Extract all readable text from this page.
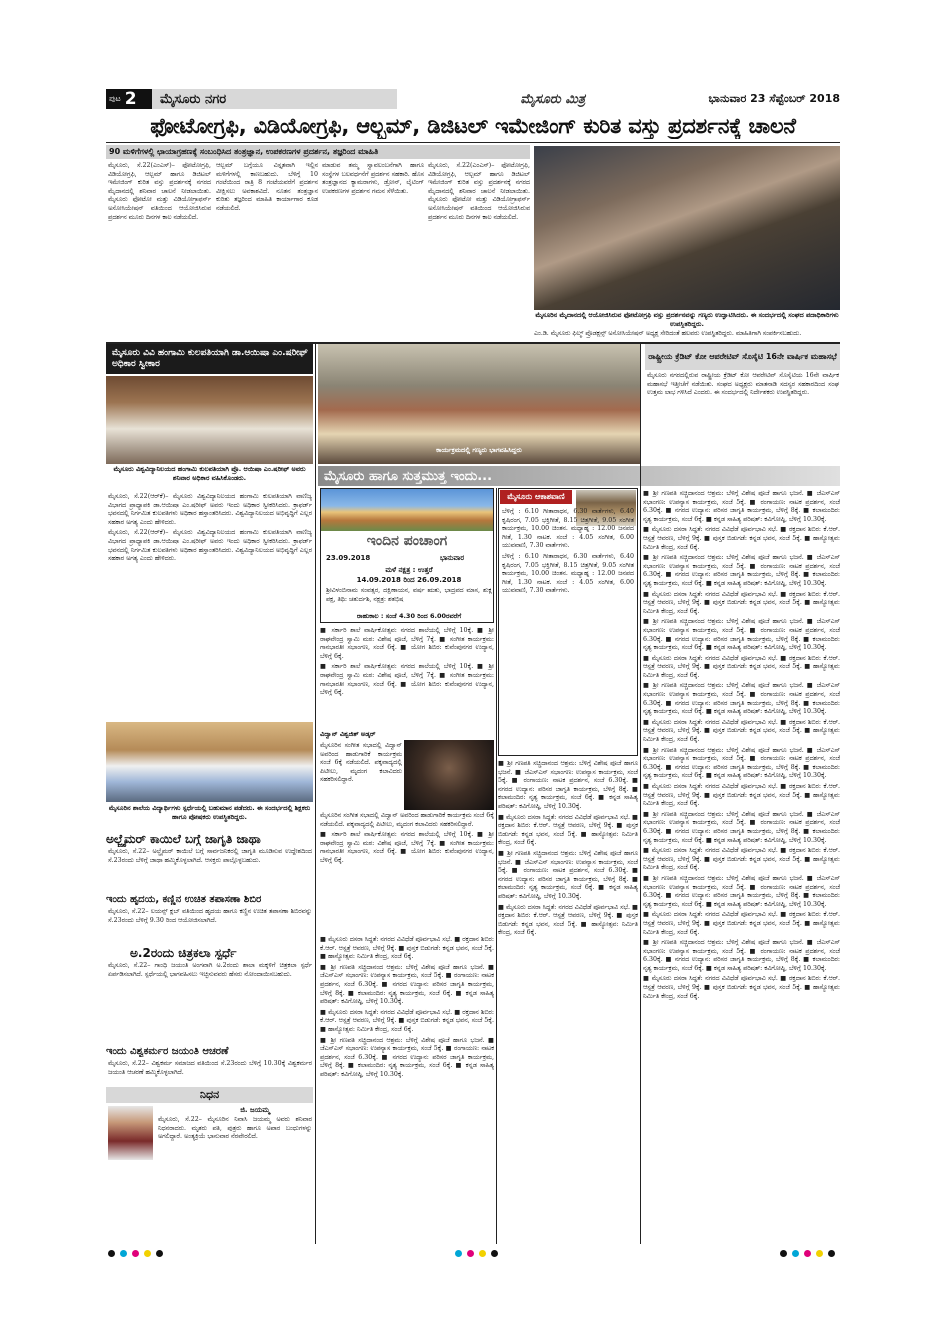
ಪುಟ 2	ಮೈಸೂರು ನಗರ	ಮೈಸೂರು ಮಿತ್ರ	ಭಾನುವಾರ 23 ಸೆಪ್ಟೆಂಬರ್ 2018
ಫೋಟೋಗ್ರಫಿ, ವಿಡಿಯೋಗ್ರಫಿ, ಆಲ್ಬಮ್, ಡಿಜಿಟಲ್ ಇಮೇಜಿಂಗ್ ಕುರಿತ ವಸ್ತು ಪ್ರದರ್ಶನಕ್ಕೆ ಚಾಲನೆ
90 ಮಳಿಗೆಗಳಲ್ಲಿ ಛಾಯಾಗ್ರಹಣಕ್ಕೆ ಸಂಬಂಧಿಸಿದ ತಂತ್ರಜ್ಞಾನ, ಉಪಕರಣಗಳ ಪ್ರದರ್ಶನ, ತಜ್ಞರಿಂದ ಮಾಹಿತಿ

ಮೈಸೂರು, ಸೆ.22(ಎಂಎಸ್)– ಫೋಟೋಗ್ರಫಿ, ವಿಡಿಯೋಗ್ರಫಿ, ಆಲ್ಬಮ್ ಹಾಗೂ ಡಿಜಿಟಲ್ ಇಮೇಜಿಂಗ್ ಕುರಿತ ವಸ್ತು ಪ್ರದರ್ಶನಕ್ಕೆ ನಗರದ ಮೈದಾನದಲ್ಲಿ ಶನಿವಾರ ಚಾಲನೆ ನೀಡಲಾಯಿತು. ಮೈಸೂರು ಫೋಟೋ ಮತ್ತು ವಿಡಿಯೋಗ್ರಾಫರ್ಸ್ ಅಸೋಸಿಯೇಷನ್ ವತಿಯಿಂದ ಆಯೋಜಿಸಿರುವ ಪ್ರದರ್ಶನ ಮೂರು ದಿನಗಳ ಕಾಲ ನಡೆಯಲಿದೆ.

ಆಲ್ಬಮ್ ಬಗ್ಗೆಯೂ ವಿಸ್ತೃತವಾಗಿ ಇಲ್ಲಿನ ಮಳಿಗೆಗಳಲ್ಲಿ ಕಾಣಬಹುದು. ಬೆಳಿಗ್ಗೆ 10 ಗಂಟೆಯಿಂದ ರಾತ್ರಿ 8 ಗಂಟೆಯವರೆಗೆ ಪ್ರದರ್ಶನ ವೀಕ್ಷಿಸಲು ಅವಕಾಶವಿದೆ. ನೂತನ ತಂತ್ರಜ್ಞಾನ ಕುರಿತು ತಜ್ಞರಿಂದ ಮಾಹಿತಿ ಕಾರ್ಯಾಗಾರ ಕೂಡ ನಡೆಯಲಿದೆ.

ಮಾಡುವ ತಮ್ಮ ಸ್ವಾವಲಂಬನೆಗಾಗಿ ಹಾಗೂ ಸಂಸ್ಥೆಗಳ ಬಲವರ್ಧನೆಗೆ ಪ್ರದರ್ಶನ ಸಹಕಾರಿ. ಹೊಸ ತಂತ್ರಜ್ಞಾನದ ಕ್ಯಾಮರಾಗಳು, ಡ್ರೋನ್, ಲೈಟಿಂಗ್ ಉಪಕರಣಗಳ ಪ್ರದರ್ಶನ ಗಮನ ಸೆಳೆಯಿತು.

ಮೈಸೂರು, ಸೆ.22(ಎಂಎಸ್)– ಫೋಟೋಗ್ರಫಿ, ವಿಡಿಯೋಗ್ರಫಿ, ಆಲ್ಬಮ್ ಹಾಗೂ ಡಿಜಿಟಲ್ ಇಮೇಜಿಂಗ್ ಕುರಿತ ವಸ್ತು ಪ್ರದರ್ಶನಕ್ಕೆ ನಗರದ ಮೈದಾನದಲ್ಲಿ ಶನಿವಾರ ಚಾಲನೆ ನೀಡಲಾಯಿತು. ಮೈಸೂರು ಫೋಟೋ ಮತ್ತು ವಿಡಿಯೋಗ್ರಾಫರ್ಸ್ ಅಸೋಸಿಯೇಷನ್ ವತಿಯಿಂದ ಆಯೋಜಿಸಿರುವ ಪ್ರದರ್ಶನ ಮೂರು ದಿನಗಳ ಕಾಲ ನಡೆಯಲಿದೆ.

ಮೈಸೂರಿನ ಮೈದಾನದಲ್ಲಿ ಆಯೋಜಿಸಿರುವ ಫೋಟೋಗ್ರಫಿ ವಸ್ತು ಪ್ರದರ್ಶನವನ್ನು ಗಣ್ಯರು ಉದ್ಘಾಟಿಸಿದರು. ಈ ಸಂದರ್ಭದಲ್ಲಿ ಸಂಘದ ಪದಾಧಿಕಾರಿಗಳು ಉಪಸ್ಥಿತರಿದ್ದರು.

ಎಂ.ಡಿ. ಮೈಸೂರು ಫಿಲ್ಮ್ ಪ್ರೊಡಕ್ಷನ್ಸ್ ಅಸೋಸಿಯೇಷನ್ ಅಧ್ಯಕ್ಷ ಸೇರಿದಂತೆ ಹಲವರು ಉಪಸ್ಥಿತರಿದ್ದರು. ಮಾಹಿತಿಗಾಗಿ ಸಂಪರ್ಕಿಸಬಹುದು.

ಮೈಸೂರು ವಿವಿ ಹಂಗಾಮಿ ಕುಲಪತಿಯಾಗಿ ಡಾ.ಆಯಿಷಾ ಎಂ.ಷರೀಫ್ ಅಧಿಕಾರ ಸ್ವೀಕಾರ
ಮೈಸೂರು ವಿಶ್ವವಿದ್ಯಾನಿಲಯದ ಹಂಗಾಮಿ ಕುಲಪತಿಯಾಗಿ ಪ್ರೊ. ಆಯಿಷಾ ಎಂ.ಷರೀಫ್ ಅವರು ಶನಿವಾರ ಅಧಿಕಾರ ವಹಿಸಿಕೊಂಡರು.

ಮೈಸೂರು, ಸೆ.22(ಆರ್‌ಕೆ)– ಮೈಸೂರು ವಿಶ್ವವಿದ್ಯಾನಿಲಯದ ಹಂಗಾಮಿ ಕುಲಪತಿಯಾಗಿ ವಾಣಿಜ್ಯ ವಿಭಾಗದ ಪ್ರಾಧ್ಯಾಪಕಿ ಡಾ.ಆಯಿಷಾ ಎಂ.ಷರೀಫ್ ಅವರು ಇಂದು ಅಧಿಕಾರ ಸ್ವೀಕರಿಸಿದರು. ಕ್ರಾಫರ್ಡ್ ಭವನದಲ್ಲಿ ನಿರ್ಗಮಿತ ಕುಲಪತಿಗಳು ಅಧಿಕಾರ ಹಸ್ತಾಂತರಿಸಿದರು. ವಿಶ್ವವಿದ್ಯಾನಿಲಯದ ಅಭಿವೃದ್ಧಿಗೆ ಎಲ್ಲರ ಸಹಕಾರ ಅಗತ್ಯ ಎಂದು ಹೇಳಿದರು.

ಮೈಸೂರು, ಸೆ.22(ಆರ್‌ಕೆ)– ಮೈಸೂರು ವಿಶ್ವವಿದ್ಯಾನಿಲಯದ ಹಂಗಾಮಿ ಕುಲಪತಿಯಾಗಿ ವಾಣಿಜ್ಯ ವಿಭಾಗದ ಪ್ರಾಧ್ಯಾಪಕಿ ಡಾ.ಆಯಿಷಾ ಎಂ.ಷರೀಫ್ ಅವರು ಇಂದು ಅಧಿಕಾರ ಸ್ವೀಕರಿಸಿದರು. ಕ್ರಾಫರ್ಡ್ ಭವನದಲ್ಲಿ ನಿರ್ಗಮಿತ ಕುಲಪತಿಗಳು ಅಧಿಕಾರ ಹಸ್ತಾಂತರಿಸಿದರು. ವಿಶ್ವವಿದ್ಯಾನಿಲಯದ ಅಭಿವೃದ್ಧಿಗೆ ಎಲ್ಲರ ಸಹಕಾರ ಅಗತ್ಯ ಎಂದು ಹೇಳಿದರು.

ಮೈಸೂರಿನ ಶಾಲೆಯ ವಿದ್ಯಾರ್ಥಿಗಳು ಸ್ಪರ್ಧೆಯಲ್ಲಿ ಬಹುಮಾನ ಪಡೆದರು. ಈ ಸಂದರ್ಭದಲ್ಲಿ ಶಿಕ್ಷಕರು ಹಾಗೂ ಪೋಷಕರು ಉಪಸ್ಥಿತರಿದ್ದರು.
ಅಲ್ಜೈಮರ್ ಕಾಯಿಲೆ ಬಗ್ಗೆ ಜಾಗೃತಿ ಜಾಥಾ

ಮೈಸೂರು, ಸೆ.22– ಅಲ್ಜೈಮರ್ ಕಾಯಿಲೆ ಬಗ್ಗೆ ಸಾರ್ವಜನಿಕರಲ್ಲಿ ಜಾಗೃತಿ ಮೂಡಿಸುವ ಉದ್ದೇಶದಿಂದ ಸೆ.23ರಂದು ಬೆಳಿಗ್ಗೆ ಜಾಥಾ ಹಮ್ಮಿಕೊಳ್ಳಲಾಗಿದೆ. ಆಸಕ್ತರು ಪಾಲ್ಗೊಳ್ಳಬಹುದು.

ಇಂದು ಹೃದಯ, ಕಣ್ಣಿನ ಉಚಿತ ತಪಾಸಣಾ ಶಿಬಿರ

ಮೈಸೂರು, ಸೆ.22– ಲಯನ್ಸ್ ಕ್ಲಬ್ ವತಿಯಿಂದ ಹೃದಯ ಹಾಗೂ ಕಣ್ಣಿನ ಉಚಿತ ತಪಾಸಣಾ ಶಿಬಿರವನ್ನು ಸೆ.23ರಂದು ಬೆಳಿಗ್ಗೆ 9.30 ರಿಂದ ಆಯೋಜಿಸಲಾಗಿದೆ.

ಅ.2ರಂದು ಚಿತ್ರಕಲಾ ಸ್ಪರ್ಧೆ

ಮೈಸೂರು, ಸೆ.22– ಗಾಂಧಿ ಜಯಂತಿ ಅಂಗವಾಗಿ ಅ.2ರಂದು ಶಾಲಾ ಮಕ್ಕಳಿಗೆ ಚಿತ್ರಕಲಾ ಸ್ಪರ್ಧೆ ಏರ್ಪಡಿಸಲಾಗಿದೆ. ಸ್ಪರ್ಧೆಯಲ್ಲಿ ಭಾಗವಹಿಸಲು ಇಚ್ಛಿಸುವವರು ಹೆಸರು ನೋಂದಾಯಿಸಬಹುದು.

ಇಂದು ವಿಶ್ವಕರ್ಮರ ಜಯಂತಿ ಆಚರಣೆ

ಮೈಸೂರು, ಸೆ.22– ವಿಶ್ವಕರ್ಮ ಸಮಾಜದ ವತಿಯಿಂದ ಸೆ.23ರಂದು ಬೆಳಿಗ್ಗೆ 10.30ಕ್ಕೆ ವಿಶ್ವಕರ್ಮರ ಜಯಂತಿ ಆಚರಣೆ ಹಮ್ಮಿಕೊಳ್ಳಲಾಗಿದೆ.

ನಿಧನ
ಜಿ. ಜಯಮ್ಮ

ಮೈಸೂರು, ಸೆ.22– ಮೈಸೂರಿನ ನಿವಾಸಿ ಜಯಮ್ಮ ಅವರು ಶನಿವಾರ ನಿಧನರಾದರು. ಮೃತರು ಪತಿ, ಪುತ್ರರು ಹಾಗೂ ಅಪಾರ ಬಂಧುಗಳನ್ನು ಅಗಲಿದ್ದಾರೆ. ಅಂತ್ಯಕ್ರಿಯೆ ಭಾನುವಾರ ನೆರವೇರಲಿದೆ.

ಕಾರ್ಯಕ್ರಮದಲ್ಲಿ ಗಣ್ಯರು ಭಾಗವಹಿಸಿದ್ದರು
ರಾಷ್ಟ್ರೀಯ ಕ್ರೆಡಿಟ್ ಕೋ ಆಪರೇಟಿವ್ ಸೊಸೈಟಿ 16ನೇ ವಾರ್ಷಿಕ ಮಹಾಸಭೆ

ಮೈಸೂರು ನಗರದಲ್ಲಿರುವ ರಾಷ್ಟ್ರೀಯ ಕ್ರೆಡಿಟ್ ಕೋ ಆಪರೇಟಿವ್ ಸೊಸೈಟಿಯ 16ನೇ ವಾರ್ಷಿಕ ಮಹಾಸಭೆ ಇತ್ತೀಚೆಗೆ ನಡೆಯಿತು. ಸಂಘದ ಅಧ್ಯಕ್ಷರು ಮಾತನಾಡಿ ಸದಸ್ಯರ ಸಹಕಾರದಿಂದ ಸಂಘ ಉತ್ತಮ ಲಾಭ ಗಳಿಸಿದೆ ಎಂದರು. ಈ ಸಂದರ್ಭದಲ್ಲಿ ನಿರ್ದೇಶಕರು ಉಪಸ್ಥಿತರಿದ್ದರು.

ಮೈಸೂರು ಹಾಗೂ ಸುತ್ತಮುತ್ತ ಇಂದು...
ಇಂದಿನ ಪಂಚಾಂಗ
23.09.2018	ಭಾನುವಾರ
ಮಳೆ ನಕ್ಷತ್ರ : ಉತ್ತರೆ
14.09.2018 ರಿಂದ 26.09.2018

ಶ್ರೀವಿಳಂಬಿನಾಮ ಸಂವತ್ಸರ, ದಕ್ಷಿಣಾಯನ, ವರ್ಷ ಋತು, ಭಾದ್ರಪದ ಮಾಸ, ಶುಕ್ಲ ಪಕ್ಷ, ತಿಥಿ: ಚತುರ್ದಶಿ, ನಕ್ಷತ್ರ: ಶತಭಿಷ

ರಾಹುಕಾಲ : ಸಂಜೆ 4.30 ರಿಂದ 6.00ರವರೆಗೆ

■ ಸರ್ಕಾರಿ ಶಾಲೆ ವಾರ್ಷಿಕೋತ್ಸವ: ನಗರದ ಶಾಲೆಯಲ್ಲಿ ಬೆಳಿಗ್ಗೆ 10ಕ್ಕೆ. ■ ಶ್ರೀ ರಾಘವೇಂದ್ರ ಸ್ವಾಮಿ ಮಠ: ವಿಶೇಷ ಪೂಜೆ, ಬೆಳಿಗ್ಗೆ 7ಕ್ಕೆ. ■ ಸಂಗೀತ ಕಾರ್ಯಕ್ರಮ: ಗಾನಭಾರತೀ ಸಭಾಂಗಣ, ಸಂಜೆ 6ಕ್ಕೆ. ■ ಯೋಗ ಶಿಬಿರ: ಕುವೆಂಪುನಗರ ಉದ್ಯಾನ, ಬೆಳಿಗ್ಗೆ 6ಕ್ಕೆ.

■ ಸರ್ಕಾರಿ ಶಾಲೆ ವಾರ್ಷಿಕೋತ್ಸವ: ನಗರದ ಶಾಲೆಯಲ್ಲಿ ಬೆಳಿಗ್ಗೆ 10ಕ್ಕೆ. ■ ಶ್ರೀ ರಾಘವೇಂದ್ರ ಸ್ವಾಮಿ ಮಠ: ವಿಶೇಷ ಪೂಜೆ, ಬೆಳಿಗ್ಗೆ 7ಕ್ಕೆ. ■ ಸಂಗೀತ ಕಾರ್ಯಕ್ರಮ: ಗಾನಭಾರತೀ ಸಭಾಂಗಣ, ಸಂಜೆ 6ಕ್ಕೆ. ■ ಯೋಗ ಶಿಬಿರ: ಕುವೆಂಪುನಗರ ಉದ್ಯಾನ, ಬೆಳಿಗ್ಗೆ 6ಕ್ಕೆ.

ವಿದ್ವಾನ್ ವಿಶ್ವಜಿತ್ ಅಡ್ಕರ್

ಮೈಸೂರಿನ ಸಂಗೀತ ಸಭಾದಲ್ಲಿ ವಿದ್ವಾನ್ ಅವರಿಂದ ಹಾಡುಗಾರಿಕೆ ಕಾರ್ಯಕ್ರಮ ಸಂಜೆ 6ಕ್ಕೆ ನಡೆಯಲಿದೆ. ಪಕ್ಕವಾದ್ಯದಲ್ಲಿ ಪಿಟೀಲು, ಮೃದಂಗ ಕಲಾವಿದರು ಸಹಕರಿಸಲಿದ್ದಾರೆ.

ಮೈಸೂರಿನ ಸಂಗೀತ ಸಭಾದಲ್ಲಿ ವಿದ್ವಾನ್ ಅವರಿಂದ ಹಾಡುಗಾರಿಕೆ ಕಾರ್ಯಕ್ರಮ ಸಂಜೆ 6ಕ್ಕೆ ನಡೆಯಲಿದೆ. ಪಕ್ಕವಾದ್ಯದಲ್ಲಿ ಪಿಟೀಲು, ಮೃದಂಗ ಕಲಾವಿದರು ಸಹಕರಿಸಲಿದ್ದಾರೆ.

■ ಸರ್ಕಾರಿ ಶಾಲೆ ವಾರ್ಷಿಕೋತ್ಸವ: ನಗರದ ಶಾಲೆಯಲ್ಲಿ ಬೆಳಿಗ್ಗೆ 10ಕ್ಕೆ. ■ ಶ್ರೀ ರಾಘವೇಂದ್ರ ಸ್ವಾಮಿ ಮಠ: ವಿಶೇಷ ಪೂಜೆ, ಬೆಳಿಗ್ಗೆ 7ಕ್ಕೆ. ■ ಸಂಗೀತ ಕಾರ್ಯಕ್ರಮ: ಗಾನಭಾರತೀ ಸಭಾಂಗಣ, ಸಂಜೆ 6ಕ್ಕೆ. ■ ಯೋಗ ಶಿಬಿರ: ಕುವೆಂಪುನಗರ ಉದ್ಯಾನ, ಬೆಳಿಗ್ಗೆ 6ಕ್ಕೆ.

ಮೈಸೂರು ಆಕಾಶವಾಣಿ

ಬೆಳಿಗ್ಗೆ : 6.10 ಗೀತಾರಾಧನ, 6.30 ವಾರ್ತೆಗಳು, 6.40 ಕೃಷಿರಂಗ, 7.05 ಭಕ್ತಿಗೀತೆ, 8.15 ಚಿತ್ರಗೀತೆ, 9.05 ಸಂಗೀತ ಕಾರ್ಯಕ್ರಮ, 10.00 ಚಿಂತನ. ಮಧ್ಯಾಹ್ನ : 12.00 ಜನಪದ ಗೀತೆ, 1.30 ನಾಟಕ. ಸಂಜೆ : 4.05 ಸಂಗೀತ, 6.00 ಯುವವಾಣಿ, 7.30 ವಾರ್ತೆಗಳು.

ಬೆಳಿಗ್ಗೆ : 6.10 ಗೀತಾರಾಧನ, 6.30 ವಾರ್ತೆಗಳು, 6.40 ಕೃಷಿರಂಗ, 7.05 ಭಕ್ತಿಗೀತೆ, 8.15 ಚಿತ್ರಗೀತೆ, 9.05 ಸಂಗೀತ ಕಾರ್ಯಕ್ರಮ, 10.00 ಚಿಂತನ. ಮಧ್ಯಾಹ್ನ : 12.00 ಜನಪದ ಗೀತೆ, 1.30 ನಾಟಕ. ಸಂಜೆ : 4.05 ಸಂಗೀತ, 6.00 ಯುವವಾಣಿ, 7.30 ವಾರ್ತೆಗಳು.

■ ಶ್ರೀ ಗಣಪತಿ ಸಚ್ಚಿದಾನಂದ ಆಶ್ರಮ: ಬೆಳಿಗ್ಗೆ ವಿಶೇಷ ಪೂಜೆ ಹಾಗೂ ಭಜನೆ. ■ ಜೆಎಸ್‌ಎಸ್ ಸಭಾಂಗಣ: ಉಪನ್ಯಾಸ ಕಾರ್ಯಕ್ರಮ, ಸಂಜೆ 5ಕ್ಕೆ. ■ ರಂಗಾಯಣ: ನಾಟಕ ಪ್ರದರ್ಶನ, ಸಂಜೆ 6.30ಕ್ಕೆ. ■ ನಗರದ ಉದ್ಯಾನ: ಪರಿಸರ ಜಾಗೃತಿ ಕಾರ್ಯಕ್ರಮ, ಬೆಳಿಗ್ಗೆ 8ಕ್ಕೆ. ■ ಕಲಾಮಂದಿರ: ನೃತ್ಯ ಕಾರ್ಯಕ್ರಮ, ಸಂಜೆ 6ಕ್ಕೆ. ■ ಕನ್ನಡ ಸಾಹಿತ್ಯ ಪರಿಷತ್: ಕವಿಗೋಷ್ಠಿ, ಬೆಳಿಗ್ಗೆ 10.30ಕ್ಕೆ.

■ ಮೈಸೂರು ದಸರಾ ಸಿದ್ಧತೆ: ನಗರದ ವಿವಿಧೆಡೆ ಪೂರ್ವಭಾವಿ ಸಭೆ. ■ ರಕ್ತದಾನ ಶಿಬಿರ: ಕೆ.ಆರ್. ಆಸ್ಪತ್ರೆ ಆವರಣ, ಬೆಳಿಗ್ಗೆ 9ಕ್ಕೆ. ■ ಪುಸ್ತಕ ಬಿಡುಗಡೆ: ಕನ್ನಡ ಭವನ, ಸಂಜೆ 5ಕ್ಕೆ. ■ ಹಾಸ್ಯೋತ್ಸವ: ನಿರ್ಮಿತಿ ಕೇಂದ್ರ, ಸಂಜೆ 6ಕ್ಕೆ.

■ ಶ್ರೀ ಗಣಪತಿ ಸಚ್ಚಿದಾನಂದ ಆಶ್ರಮ: ಬೆಳಿಗ್ಗೆ ವಿಶೇಷ ಪೂಜೆ ಹಾಗೂ ಭಜನೆ. ■ ಜೆಎಸ್‌ಎಸ್ ಸಭಾಂಗಣ: ಉಪನ್ಯಾಸ ಕಾರ್ಯಕ್ರಮ, ಸಂಜೆ 5ಕ್ಕೆ. ■ ರಂಗಾಯಣ: ನಾಟಕ ಪ್ರದರ್ಶನ, ಸಂಜೆ 6.30ಕ್ಕೆ. ■ ನಗರದ ಉದ್ಯಾನ: ಪರಿಸರ ಜಾಗೃತಿ ಕಾರ್ಯಕ್ರಮ, ಬೆಳಿಗ್ಗೆ 8ಕ್ಕೆ. ■ ಕಲಾಮಂದಿರ: ನೃತ್ಯ ಕಾರ್ಯಕ್ರಮ, ಸಂಜೆ 6ಕ್ಕೆ. ■ ಕನ್ನಡ ಸಾಹಿತ್ಯ ಪರಿಷತ್: ಕವಿಗೋಷ್ಠಿ, ಬೆಳಿಗ್ಗೆ 10.30ಕ್ಕೆ.

■ ಮೈಸೂರು ದಸರಾ ಸಿದ್ಧತೆ: ನಗರದ ವಿವಿಧೆಡೆ ಪೂರ್ವಭಾವಿ ಸಭೆ. ■ ರಕ್ತದಾನ ಶಿಬಿರ: ಕೆ.ಆರ್. ಆಸ್ಪತ್ರೆ ಆವರಣ, ಬೆಳಿಗ್ಗೆ 9ಕ್ಕೆ. ■ ಪುಸ್ತಕ ಬಿಡುಗಡೆ: ಕನ್ನಡ ಭವನ, ಸಂಜೆ 5ಕ್ಕೆ. ■ ಹಾಸ್ಯೋತ್ಸವ: ನಿರ್ಮಿತಿ ಕೇಂದ್ರ, ಸಂಜೆ 6ಕ್ಕೆ.

■ ಮೈಸೂರು ದಸರಾ ಸಿದ್ಧತೆ: ನಗರದ ವಿವಿಧೆಡೆ ಪೂರ್ವಭಾವಿ ಸಭೆ. ■ ರಕ್ತದಾನ ಶಿಬಿರ: ಕೆ.ಆರ್. ಆಸ್ಪತ್ರೆ ಆವರಣ, ಬೆಳಿಗ್ಗೆ 9ಕ್ಕೆ. ■ ಪುಸ್ತಕ ಬಿಡುಗಡೆ: ಕನ್ನಡ ಭವನ, ಸಂಜೆ 5ಕ್ಕೆ. ■ ಹಾಸ್ಯೋತ್ಸವ: ನಿರ್ಮಿತಿ ಕೇಂದ್ರ, ಸಂಜೆ 6ಕ್ಕೆ.

■ ಶ್ರೀ ಗಣಪತಿ ಸಚ್ಚಿದಾನಂದ ಆಶ್ರಮ: ಬೆಳಿಗ್ಗೆ ವಿಶೇಷ ಪೂಜೆ ಹಾಗೂ ಭಜನೆ. ■ ಜೆಎಸ್‌ಎಸ್ ಸಭಾಂಗಣ: ಉಪನ್ಯಾಸ ಕಾರ್ಯಕ್ರಮ, ಸಂಜೆ 5ಕ್ಕೆ. ■ ರಂಗಾಯಣ: ನಾಟಕ ಪ್ರದರ್ಶನ, ಸಂಜೆ 6.30ಕ್ಕೆ. ■ ನಗರದ ಉದ್ಯಾನ: ಪರಿಸರ ಜಾಗೃತಿ ಕಾರ್ಯಕ್ರಮ, ಬೆಳಿಗ್ಗೆ 8ಕ್ಕೆ. ■ ಕಲಾಮಂದಿರ: ನೃತ್ಯ ಕಾರ್ಯಕ್ರಮ, ಸಂಜೆ 6ಕ್ಕೆ. ■ ಕನ್ನಡ ಸಾಹಿತ್ಯ ಪರಿಷತ್: ಕವಿಗೋಷ್ಠಿ, ಬೆಳಿಗ್ಗೆ 10.30ಕ್ಕೆ.

■ ಮೈಸೂರು ದಸರಾ ಸಿದ್ಧತೆ: ನಗರದ ವಿವಿಧೆಡೆ ಪೂರ್ವಭಾವಿ ಸಭೆ. ■ ರಕ್ತದಾನ ಶಿಬಿರ: ಕೆ.ಆರ್. ಆಸ್ಪತ್ರೆ ಆವರಣ, ಬೆಳಿಗ್ಗೆ 9ಕ್ಕೆ. ■ ಪುಸ್ತಕ ಬಿಡುಗಡೆ: ಕನ್ನಡ ಭವನ, ಸಂಜೆ 5ಕ್ಕೆ. ■ ಹಾಸ್ಯೋತ್ಸವ: ನಿರ್ಮಿತಿ ಕೇಂದ್ರ, ಸಂಜೆ 6ಕ್ಕೆ.

■ ಶ್ರೀ ಗಣಪತಿ ಸಚ್ಚಿದಾನಂದ ಆಶ್ರಮ: ಬೆಳಿಗ್ಗೆ ವಿಶೇಷ ಪೂಜೆ ಹಾಗೂ ಭಜನೆ. ■ ಜೆಎಸ್‌ಎಸ್ ಸಭಾಂಗಣ: ಉಪನ್ಯಾಸ ಕಾರ್ಯಕ್ರಮ, ಸಂಜೆ 5ಕ್ಕೆ. ■ ರಂಗಾಯಣ: ನಾಟಕ ಪ್ರದರ್ಶನ, ಸಂಜೆ 6.30ಕ್ಕೆ. ■ ನಗರದ ಉದ್ಯಾನ: ಪರಿಸರ ಜಾಗೃತಿ ಕಾರ್ಯಕ್ರಮ, ಬೆಳಿಗ್ಗೆ 8ಕ್ಕೆ. ■ ಕಲಾಮಂದಿರ: ನೃತ್ಯ ಕಾರ್ಯಕ್ರಮ, ಸಂಜೆ 6ಕ್ಕೆ. ■ ಕನ್ನಡ ಸಾಹಿತ್ಯ ಪರಿಷತ್: ಕವಿಗೋಷ್ಠಿ, ಬೆಳಿಗ್ಗೆ 10.30ಕ್ಕೆ.

■ ಶ್ರೀ ಗಣಪತಿ ಸಚ್ಚಿದಾನಂದ ಆಶ್ರಮ: ಬೆಳಿಗ್ಗೆ ವಿಶೇಷ ಪೂಜೆ ಹಾಗೂ ಭಜನೆ. ■ ಜೆಎಸ್‌ಎಸ್ ಸಭಾಂಗಣ: ಉಪನ್ಯಾಸ ಕಾರ್ಯಕ್ರಮ, ಸಂಜೆ 5ಕ್ಕೆ. ■ ರಂಗಾಯಣ: ನಾಟಕ ಪ್ರದರ್ಶನ, ಸಂಜೆ 6.30ಕ್ಕೆ. ■ ನಗರದ ಉದ್ಯಾನ: ಪರಿಸರ ಜಾಗೃತಿ ಕಾರ್ಯಕ್ರಮ, ಬೆಳಿಗ್ಗೆ 8ಕ್ಕೆ. ■ ಕಲಾಮಂದಿರ: ನೃತ್ಯ ಕಾರ್ಯಕ್ರಮ, ಸಂಜೆ 6ಕ್ಕೆ. ■ ಕನ್ನಡ ಸಾಹಿತ್ಯ ಪರಿಷತ್: ಕವಿಗೋಷ್ಠಿ, ಬೆಳಿಗ್ಗೆ 10.30ಕ್ಕೆ.

■ ಮೈಸೂರು ದಸರಾ ಸಿದ್ಧತೆ: ನಗರದ ವಿವಿಧೆಡೆ ಪೂರ್ವಭಾವಿ ಸಭೆ. ■ ರಕ್ತದಾನ ಶಿಬಿರ: ಕೆ.ಆರ್. ಆಸ್ಪತ್ರೆ ಆವರಣ, ಬೆಳಿಗ್ಗೆ 9ಕ್ಕೆ. ■ ಪುಸ್ತಕ ಬಿಡುಗಡೆ: ಕನ್ನಡ ಭವನ, ಸಂಜೆ 5ಕ್ಕೆ. ■ ಹಾಸ್ಯೋತ್ಸವ: ನಿರ್ಮಿತಿ ಕೇಂದ್ರ, ಸಂಜೆ 6ಕ್ಕೆ.

■ ಶ್ರೀ ಗಣಪತಿ ಸಚ್ಚಿದಾನಂದ ಆಶ್ರಮ: ಬೆಳಿಗ್ಗೆ ವಿಶೇಷ ಪೂಜೆ ಹಾಗೂ ಭಜನೆ. ■ ಜೆಎಸ್‌ಎಸ್ ಸಭಾಂಗಣ: ಉಪನ್ಯಾಸ ಕಾರ್ಯಕ್ರಮ, ಸಂಜೆ 5ಕ್ಕೆ. ■ ರಂಗಾಯಣ: ನಾಟಕ ಪ್ರದರ್ಶನ, ಸಂಜೆ 6.30ಕ್ಕೆ. ■ ನಗರದ ಉದ್ಯಾನ: ಪರಿಸರ ಜಾಗೃತಿ ಕಾರ್ಯಕ್ರಮ, ಬೆಳಿಗ್ಗೆ 8ಕ್ಕೆ. ■ ಕಲಾಮಂದಿರ: ನೃತ್ಯ ಕಾರ್ಯಕ್ರಮ, ಸಂಜೆ 6ಕ್ಕೆ. ■ ಕನ್ನಡ ಸಾಹಿತ್ಯ ಪರಿಷತ್: ಕವಿಗೋಷ್ಠಿ, ಬೆಳಿಗ್ಗೆ 10.30ಕ್ಕೆ.

■ ಮೈಸೂರು ದಸರಾ ಸಿದ್ಧತೆ: ನಗರದ ವಿವಿಧೆಡೆ ಪೂರ್ವಭಾವಿ ಸಭೆ. ■ ರಕ್ತದಾನ ಶಿಬಿರ: ಕೆ.ಆರ್. ಆಸ್ಪತ್ರೆ ಆವರಣ, ಬೆಳಿಗ್ಗೆ 9ಕ್ಕೆ. ■ ಪುಸ್ತಕ ಬಿಡುಗಡೆ: ಕನ್ನಡ ಭವನ, ಸಂಜೆ 5ಕ್ಕೆ. ■ ಹಾಸ್ಯೋತ್ಸವ: ನಿರ್ಮಿತಿ ಕೇಂದ್ರ, ಸಂಜೆ 6ಕ್ಕೆ.

■ ಶ್ರೀ ಗಣಪತಿ ಸಚ್ಚಿದಾನಂದ ಆಶ್ರಮ: ಬೆಳಿಗ್ಗೆ ವಿಶೇಷ ಪೂಜೆ ಹಾಗೂ ಭಜನೆ. ■ ಜೆಎಸ್‌ಎಸ್ ಸಭಾಂಗಣ: ಉಪನ್ಯಾಸ ಕಾರ್ಯಕ್ರಮ, ಸಂಜೆ 5ಕ್ಕೆ. ■ ರಂಗಾಯಣ: ನಾಟಕ ಪ್ರದರ್ಶನ, ಸಂಜೆ 6.30ಕ್ಕೆ. ■ ನಗರದ ಉದ್ಯಾನ: ಪರಿಸರ ಜಾಗೃತಿ ಕಾರ್ಯಕ್ರಮ, ಬೆಳಿಗ್ಗೆ 8ಕ್ಕೆ. ■ ಕಲಾಮಂದಿರ: ನೃತ್ಯ ಕಾರ್ಯಕ್ರಮ, ಸಂಜೆ 6ಕ್ಕೆ. ■ ಕನ್ನಡ ಸಾಹಿತ್ಯ ಪರಿಷತ್: ಕವಿಗೋಷ್ಠಿ, ಬೆಳಿಗ್ಗೆ 10.30ಕ್ಕೆ.

■ ಮೈಸೂರು ದಸರಾ ಸಿದ್ಧತೆ: ನಗರದ ವಿವಿಧೆಡೆ ಪೂರ್ವಭಾವಿ ಸಭೆ. ■ ರಕ್ತದಾನ ಶಿಬಿರ: ಕೆ.ಆರ್. ಆಸ್ಪತ್ರೆ ಆವರಣ, ಬೆಳಿಗ್ಗೆ 9ಕ್ಕೆ. ■ ಪುಸ್ತಕ ಬಿಡುಗಡೆ: ಕನ್ನಡ ಭವನ, ಸಂಜೆ 5ಕ್ಕೆ. ■ ಹಾಸ್ಯೋತ್ಸವ: ನಿರ್ಮಿತಿ ಕೇಂದ್ರ, ಸಂಜೆ 6ಕ್ಕೆ.

■ ಶ್ರೀ ಗಣಪತಿ ಸಚ್ಚಿದಾನಂದ ಆಶ್ರಮ: ಬೆಳಿಗ್ಗೆ ವಿಶೇಷ ಪೂಜೆ ಹಾಗೂ ಭಜನೆ. ■ ಜೆಎಸ್‌ಎಸ್ ಸಭಾಂಗಣ: ಉಪನ್ಯಾಸ ಕಾರ್ಯಕ್ರಮ, ಸಂಜೆ 5ಕ್ಕೆ. ■ ರಂಗಾಯಣ: ನಾಟಕ ಪ್ರದರ್ಶನ, ಸಂಜೆ 6.30ಕ್ಕೆ. ■ ನಗರದ ಉದ್ಯಾನ: ಪರಿಸರ ಜಾಗೃತಿ ಕಾರ್ಯಕ್ರಮ, ಬೆಳಿಗ್ಗೆ 8ಕ್ಕೆ. ■ ಕಲಾಮಂದಿರ: ನೃತ್ಯ ಕಾರ್ಯಕ್ರಮ, ಸಂಜೆ 6ಕ್ಕೆ. ■ ಕನ್ನಡ ಸಾಹಿತ್ಯ ಪರಿಷತ್: ಕವಿಗೋಷ್ಠಿ, ಬೆಳಿಗ್ಗೆ 10.30ಕ್ಕೆ.

■ ಮೈಸೂರು ದಸರಾ ಸಿದ್ಧತೆ: ನಗರದ ವಿವಿಧೆಡೆ ಪೂರ್ವಭಾವಿ ಸಭೆ. ■ ರಕ್ತದಾನ ಶಿಬಿರ: ಕೆ.ಆರ್. ಆಸ್ಪತ್ರೆ ಆವರಣ, ಬೆಳಿಗ್ಗೆ 9ಕ್ಕೆ. ■ ಪುಸ್ತಕ ಬಿಡುಗಡೆ: ಕನ್ನಡ ಭವನ, ಸಂಜೆ 5ಕ್ಕೆ. ■ ಹಾಸ್ಯೋತ್ಸವ: ನಿರ್ಮಿತಿ ಕೇಂದ್ರ, ಸಂಜೆ 6ಕ್ಕೆ.

■ ಶ್ರೀ ಗಣಪತಿ ಸಚ್ಚಿದಾನಂದ ಆಶ್ರಮ: ಬೆಳಿಗ್ಗೆ ವಿಶೇಷ ಪೂಜೆ ಹಾಗೂ ಭಜನೆ. ■ ಜೆಎಸ್‌ಎಸ್ ಸಭಾಂಗಣ: ಉಪನ್ಯಾಸ ಕಾರ್ಯಕ್ರಮ, ಸಂಜೆ 5ಕ್ಕೆ. ■ ರಂಗಾಯಣ: ನಾಟಕ ಪ್ರದರ್ಶನ, ಸಂಜೆ 6.30ಕ್ಕೆ. ■ ನಗರದ ಉದ್ಯಾನ: ಪರಿಸರ ಜಾಗೃತಿ ಕಾರ್ಯಕ್ರಮ, ಬೆಳಿಗ್ಗೆ 8ಕ್ಕೆ. ■ ಕಲಾಮಂದಿರ: ನೃತ್ಯ ಕಾರ್ಯಕ್ರಮ, ಸಂಜೆ 6ಕ್ಕೆ. ■ ಕನ್ನಡ ಸಾಹಿತ್ಯ ಪರಿಷತ್: ಕವಿಗೋಷ್ಠಿ, ಬೆಳಿಗ್ಗೆ 10.30ಕ್ಕೆ.

■ ಮೈಸೂರು ದಸರಾ ಸಿದ್ಧತೆ: ನಗರದ ವಿವಿಧೆಡೆ ಪೂರ್ವಭಾವಿ ಸಭೆ. ■ ರಕ್ತದಾನ ಶಿಬಿರ: ಕೆ.ಆರ್. ಆಸ್ಪತ್ರೆ ಆವರಣ, ಬೆಳಿಗ್ಗೆ 9ಕ್ಕೆ. ■ ಪುಸ್ತಕ ಬಿಡುಗಡೆ: ಕನ್ನಡ ಭವನ, ಸಂಜೆ 5ಕ್ಕೆ. ■ ಹಾಸ್ಯೋತ್ಸವ: ನಿರ್ಮಿತಿ ಕೇಂದ್ರ, ಸಂಜೆ 6ಕ್ಕೆ.

■ ಶ್ರೀ ಗಣಪತಿ ಸಚ್ಚಿದಾನಂದ ಆಶ್ರಮ: ಬೆಳಿಗ್ಗೆ ವಿಶೇಷ ಪೂಜೆ ಹಾಗೂ ಭಜನೆ. ■ ಜೆಎಸ್‌ಎಸ್ ಸಭಾಂಗಣ: ಉಪನ್ಯಾಸ ಕಾರ್ಯಕ್ರಮ, ಸಂಜೆ 5ಕ್ಕೆ. ■ ರಂಗಾಯಣ: ನಾಟಕ ಪ್ರದರ್ಶನ, ಸಂಜೆ 6.30ಕ್ಕೆ. ■ ನಗರದ ಉದ್ಯಾನ: ಪರಿಸರ ಜಾಗೃತಿ ಕಾರ್ಯಕ್ರಮ, ಬೆಳಿಗ್ಗೆ 8ಕ್ಕೆ. ■ ಕಲಾಮಂದಿರ: ನೃತ್ಯ ಕಾರ್ಯಕ್ರಮ, ಸಂಜೆ 6ಕ್ಕೆ. ■ ಕನ್ನಡ ಸಾಹಿತ್ಯ ಪರಿಷತ್: ಕವಿಗೋಷ್ಠಿ, ಬೆಳಿಗ್ಗೆ 10.30ಕ್ಕೆ.

■ ಮೈಸೂರು ದಸರಾ ಸಿದ್ಧತೆ: ನಗರದ ವಿವಿಧೆಡೆ ಪೂರ್ವಭಾವಿ ಸಭೆ. ■ ರಕ್ತದಾನ ಶಿಬಿರ: ಕೆ.ಆರ್. ಆಸ್ಪತ್ರೆ ಆವರಣ, ಬೆಳಿಗ್ಗೆ 9ಕ್ಕೆ. ■ ಪುಸ್ತಕ ಬಿಡುಗಡೆ: ಕನ್ನಡ ಭವನ, ಸಂಜೆ 5ಕ್ಕೆ. ■ ಹಾಸ್ಯೋತ್ಸವ: ನಿರ್ಮಿತಿ ಕೇಂದ್ರ, ಸಂಜೆ 6ಕ್ಕೆ.

■ ಶ್ರೀ ಗಣಪತಿ ಸಚ್ಚಿದಾನಂದ ಆಶ್ರಮ: ಬೆಳಿಗ್ಗೆ ವಿಶೇಷ ಪೂಜೆ ಹಾಗೂ ಭಜನೆ. ■ ಜೆಎಸ್‌ಎಸ್ ಸಭಾಂಗಣ: ಉಪನ್ಯಾಸ ಕಾರ್ಯಕ್ರಮ, ಸಂಜೆ 5ಕ್ಕೆ. ■ ರಂಗಾಯಣ: ನಾಟಕ ಪ್ರದರ್ಶನ, ಸಂಜೆ 6.30ಕ್ಕೆ. ■ ನಗರದ ಉದ್ಯಾನ: ಪರಿಸರ ಜಾಗೃತಿ ಕಾರ್ಯಕ್ರಮ, ಬೆಳಿಗ್ಗೆ 8ಕ್ಕೆ. ■ ಕಲಾಮಂದಿರ: ನೃತ್ಯ ಕಾರ್ಯಕ್ರಮ, ಸಂಜೆ 6ಕ್ಕೆ. ■ ಕನ್ನಡ ಸಾಹಿತ್ಯ ಪರಿಷತ್: ಕವಿಗೋಷ್ಠಿ, ಬೆಳಿಗ್ಗೆ 10.30ಕ್ಕೆ.

■ ಮೈಸೂರು ದಸರಾ ಸಿದ್ಧತೆ: ನಗರದ ವಿವಿಧೆಡೆ ಪೂರ್ವಭಾವಿ ಸಭೆ. ■ ರಕ್ತದಾನ ಶಿಬಿರ: ಕೆ.ಆರ್. ಆಸ್ಪತ್ರೆ ಆವರಣ, ಬೆಳಿಗ್ಗೆ 9ಕ್ಕೆ. ■ ಪುಸ್ತಕ ಬಿಡುಗಡೆ: ಕನ್ನಡ ಭವನ, ಸಂಜೆ 5ಕ್ಕೆ. ■ ಹಾಸ್ಯೋತ್ಸವ: ನಿರ್ಮಿತಿ ಕೇಂದ್ರ, ಸಂಜೆ 6ಕ್ಕೆ.

■ ಶ್ರೀ ಗಣಪತಿ ಸಚ್ಚಿದಾನಂದ ಆಶ್ರಮ: ಬೆಳಿಗ್ಗೆ ವಿಶೇಷ ಪೂಜೆ ಹಾಗೂ ಭಜನೆ. ■ ಜೆಎಸ್‌ಎಸ್ ಸಭಾಂಗಣ: ಉಪನ್ಯಾಸ ಕಾರ್ಯಕ್ರಮ, ಸಂಜೆ 5ಕ್ಕೆ. ■ ರಂಗಾಯಣ: ನಾಟಕ ಪ್ರದರ್ಶನ, ಸಂಜೆ 6.30ಕ್ಕೆ. ■ ನಗರದ ಉದ್ಯಾನ: ಪರಿಸರ ಜಾಗೃತಿ ಕಾರ್ಯಕ್ರಮ, ಬೆಳಿಗ್ಗೆ 8ಕ್ಕೆ. ■ ಕಲಾಮಂದಿರ: ನೃತ್ಯ ಕಾರ್ಯಕ್ರಮ, ಸಂಜೆ 6ಕ್ಕೆ. ■ ಕನ್ನಡ ಸಾಹಿತ್ಯ ಪರಿಷತ್: ಕವಿಗೋಷ್ಠಿ, ಬೆಳಿಗ್ಗೆ 10.30ಕ್ಕೆ.

■ ಮೈಸೂರು ದಸರಾ ಸಿದ್ಧತೆ: ನಗರದ ವಿವಿಧೆಡೆ ಪೂರ್ವಭಾವಿ ಸಭೆ. ■ ರಕ್ತದಾನ ಶಿಬಿರ: ಕೆ.ಆರ್. ಆಸ್ಪತ್ರೆ ಆವರಣ, ಬೆಳಿಗ್ಗೆ 9ಕ್ಕೆ. ■ ಪುಸ್ತಕ ಬಿಡುಗಡೆ: ಕನ್ನಡ ಭವನ, ಸಂಜೆ 5ಕ್ಕೆ. ■ ಹಾಸ್ಯೋತ್ಸವ: ನಿರ್ಮಿತಿ ಕೇಂದ್ರ, ಸಂಜೆ 6ಕ್ಕೆ.
